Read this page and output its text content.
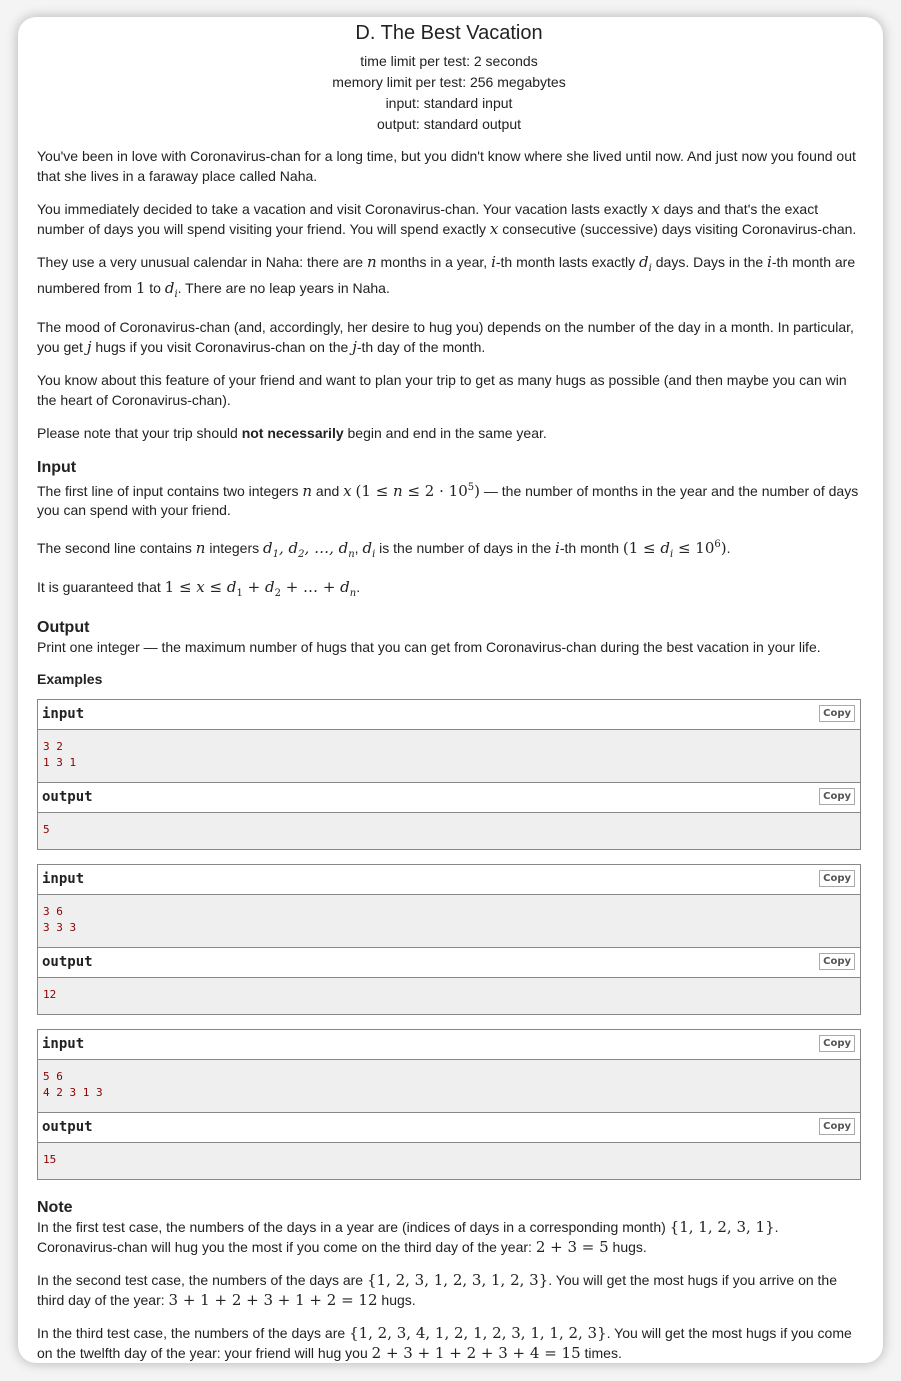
D. The Best Vacation
time limit per test: 2 seconds
memory limit per test: 256 megabytes
input: standard input
output: standard output

You've been in love with Coronavirus-chan for a long time, but you didn't know where she lived until now. And just now you found out that she lives in a faraway place called Naha.

You immediately decided to take a vacation and visit Coronavirus-chan. Your vacation lasts exactly x days and that's the exact number of days you will spend visiting your friend. You will spend exactly x consecutive (successive) days visiting Coronavirus-chan.

They use a very unusual calendar in Naha: there are n months in a year, i-th month lasts exactly $d_i$ days. Days in the i-th month are numbered from 1 to $d_i$. There are no leap years in Naha.

The mood of Coronavirus-chan (and, accordingly, her desire to hug you) depends on the number of the day in a month. In particular, you get j hugs if you visit Coronavirus-chan on the j-th day of the month.

You know about this feature of your friend and want to plan your trip to get as many hugs as possible (and then maybe you can win the heart of Coronavirus-chan).

Please note that your trip should not necessarily begin and end in the same year.

Input

The first line of input contains two integers n and x $(1 \le n \le 2 \cdot 10^5)$ — the number of months in the year and the number of days you can spend with your friend.

The second line contains n integers $d_1$, $d_2$, …, $d_n$, $d_i$ is the number of days in the i-th month $(1 \le d_i \le 10^6)$.

It is guaranteed that $1 \le x \le d_1 + d_2$ + … + $d_n$.

Output

Print one integer — the maximum number of hugs that you can get from Coronavirus-chan during the best vacation in your life.

Examples
input	Copy
3 2
1 3 1
output	Copy
5
input	Copy
3 6
3 3 3
output	Copy
12
input	Copy
5 6
4 2 3 1 3
output	Copy
15
Note

In the first test case, the numbers of the days in a year are (indices of days in a corresponding month) {1, 1, 2, 3, 1}. Coronavirus-chan will hug you the most if you come on the third day of the year: 2 + 3 = 5 hugs.

In the second test case, the numbers of the days are {1, 2, 3, 1, 2, 3, 1, 2, 3}. You will get the most hugs if you arrive on the third day of the year: 3 + 1 + 2 + 3 + 1 + 2 = 12 hugs.

In the third test case, the numbers of the days are {1, 2, 3, 4, 1, 2, 1, 2, 3, 1, 1, 2, 3}. You will get the most hugs if you come on the twelfth day of the year: your friend will hug you 2 + 3 + 1 + 2 + 3 + 4 = 15 times.
